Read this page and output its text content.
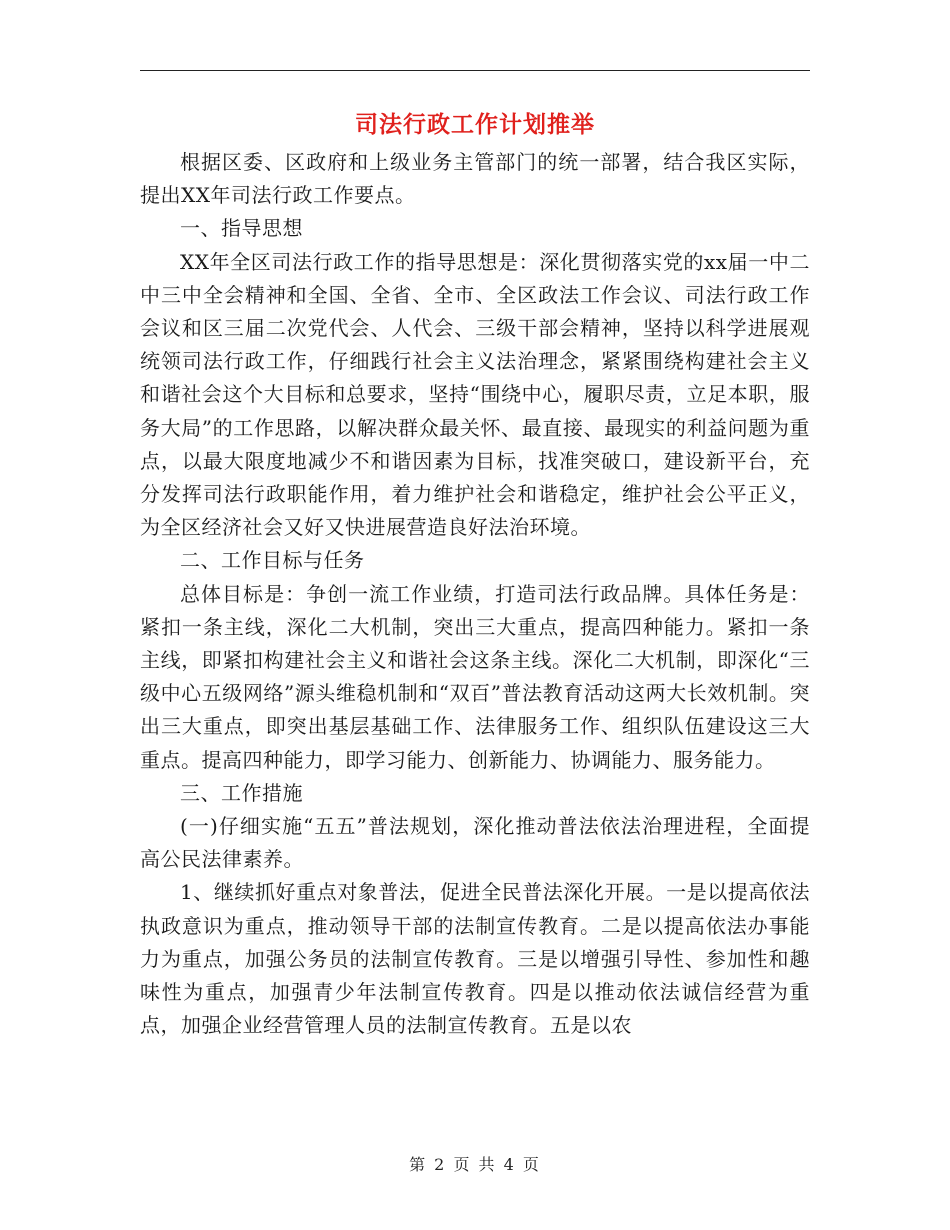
司法行政工作计划推举

根据区委、区政府和上级业务主管部门的统一部署，结合我区实际，提出XX年司法行政工作要点。

一、指导思想

XX年全区司法行政工作的指导思想是：深化贯彻落实党的xx届一中二中三中全会精神和全国、全省、全市、全区政法工作会议、司法行政工作会议和区三届二次党代会、人代会、三级干部会精神，坚持以科学进展观统领司法行政工作，仔细践行社会主义法治理念，紧紧围绕构建社会主义和谐社会这个大目标和总要求，坚持“围绕中心，履职尽责，立足本职，服务大局”的工作思路，以解决群众最关怀、最直接、最现实的利益问题为重点，以最大限度地减少不和谐因素为目标，找准突破口，建设新平台，充分发挥司法行政职能作用，着力维护社会和谐稳定，维护社会公平正义，为全区经济社会又好又快进展营造良好法治环境。

二、工作目标与任务

总体目标是：争创一流工作业绩，打造司法行政品牌。具体任务是：紧扣一条主线，深化二大机制，突出三大重点，提高四种能力。紧扣一条主线，即紧扣构建社会主义和谐社会这条主线。深化二大机制，即深化“三级中心五级网络”源头维稳机制和“双百”普法教育活动这两大长效机制。突出三大重点，即突出基层基础工作、法律服务工作、组织队伍建设这三大重点。提高四种能力，即学习能力、创新能力、协调能力、服务能力。

三、工作措施

(一)仔细实施“五五”普法规划，深化推动普法依法治理进程，全面提高公民法律素养。

1、继续抓好重点对象普法，促进全民普法深化开展。一是以提高依法执政意识为重点，推动领导干部的法制宣传教育。二是以提高依法办事能力为重点，加强公务员的法制宣传教育。三是以增强引导性、参加性和趣味性为重点，加强青少年法制宣传教育。四是以推动依法诚信经营为重点，加强企业经营管理人员的法制宣传教育。五是以农

第 2 页 共 4 页
